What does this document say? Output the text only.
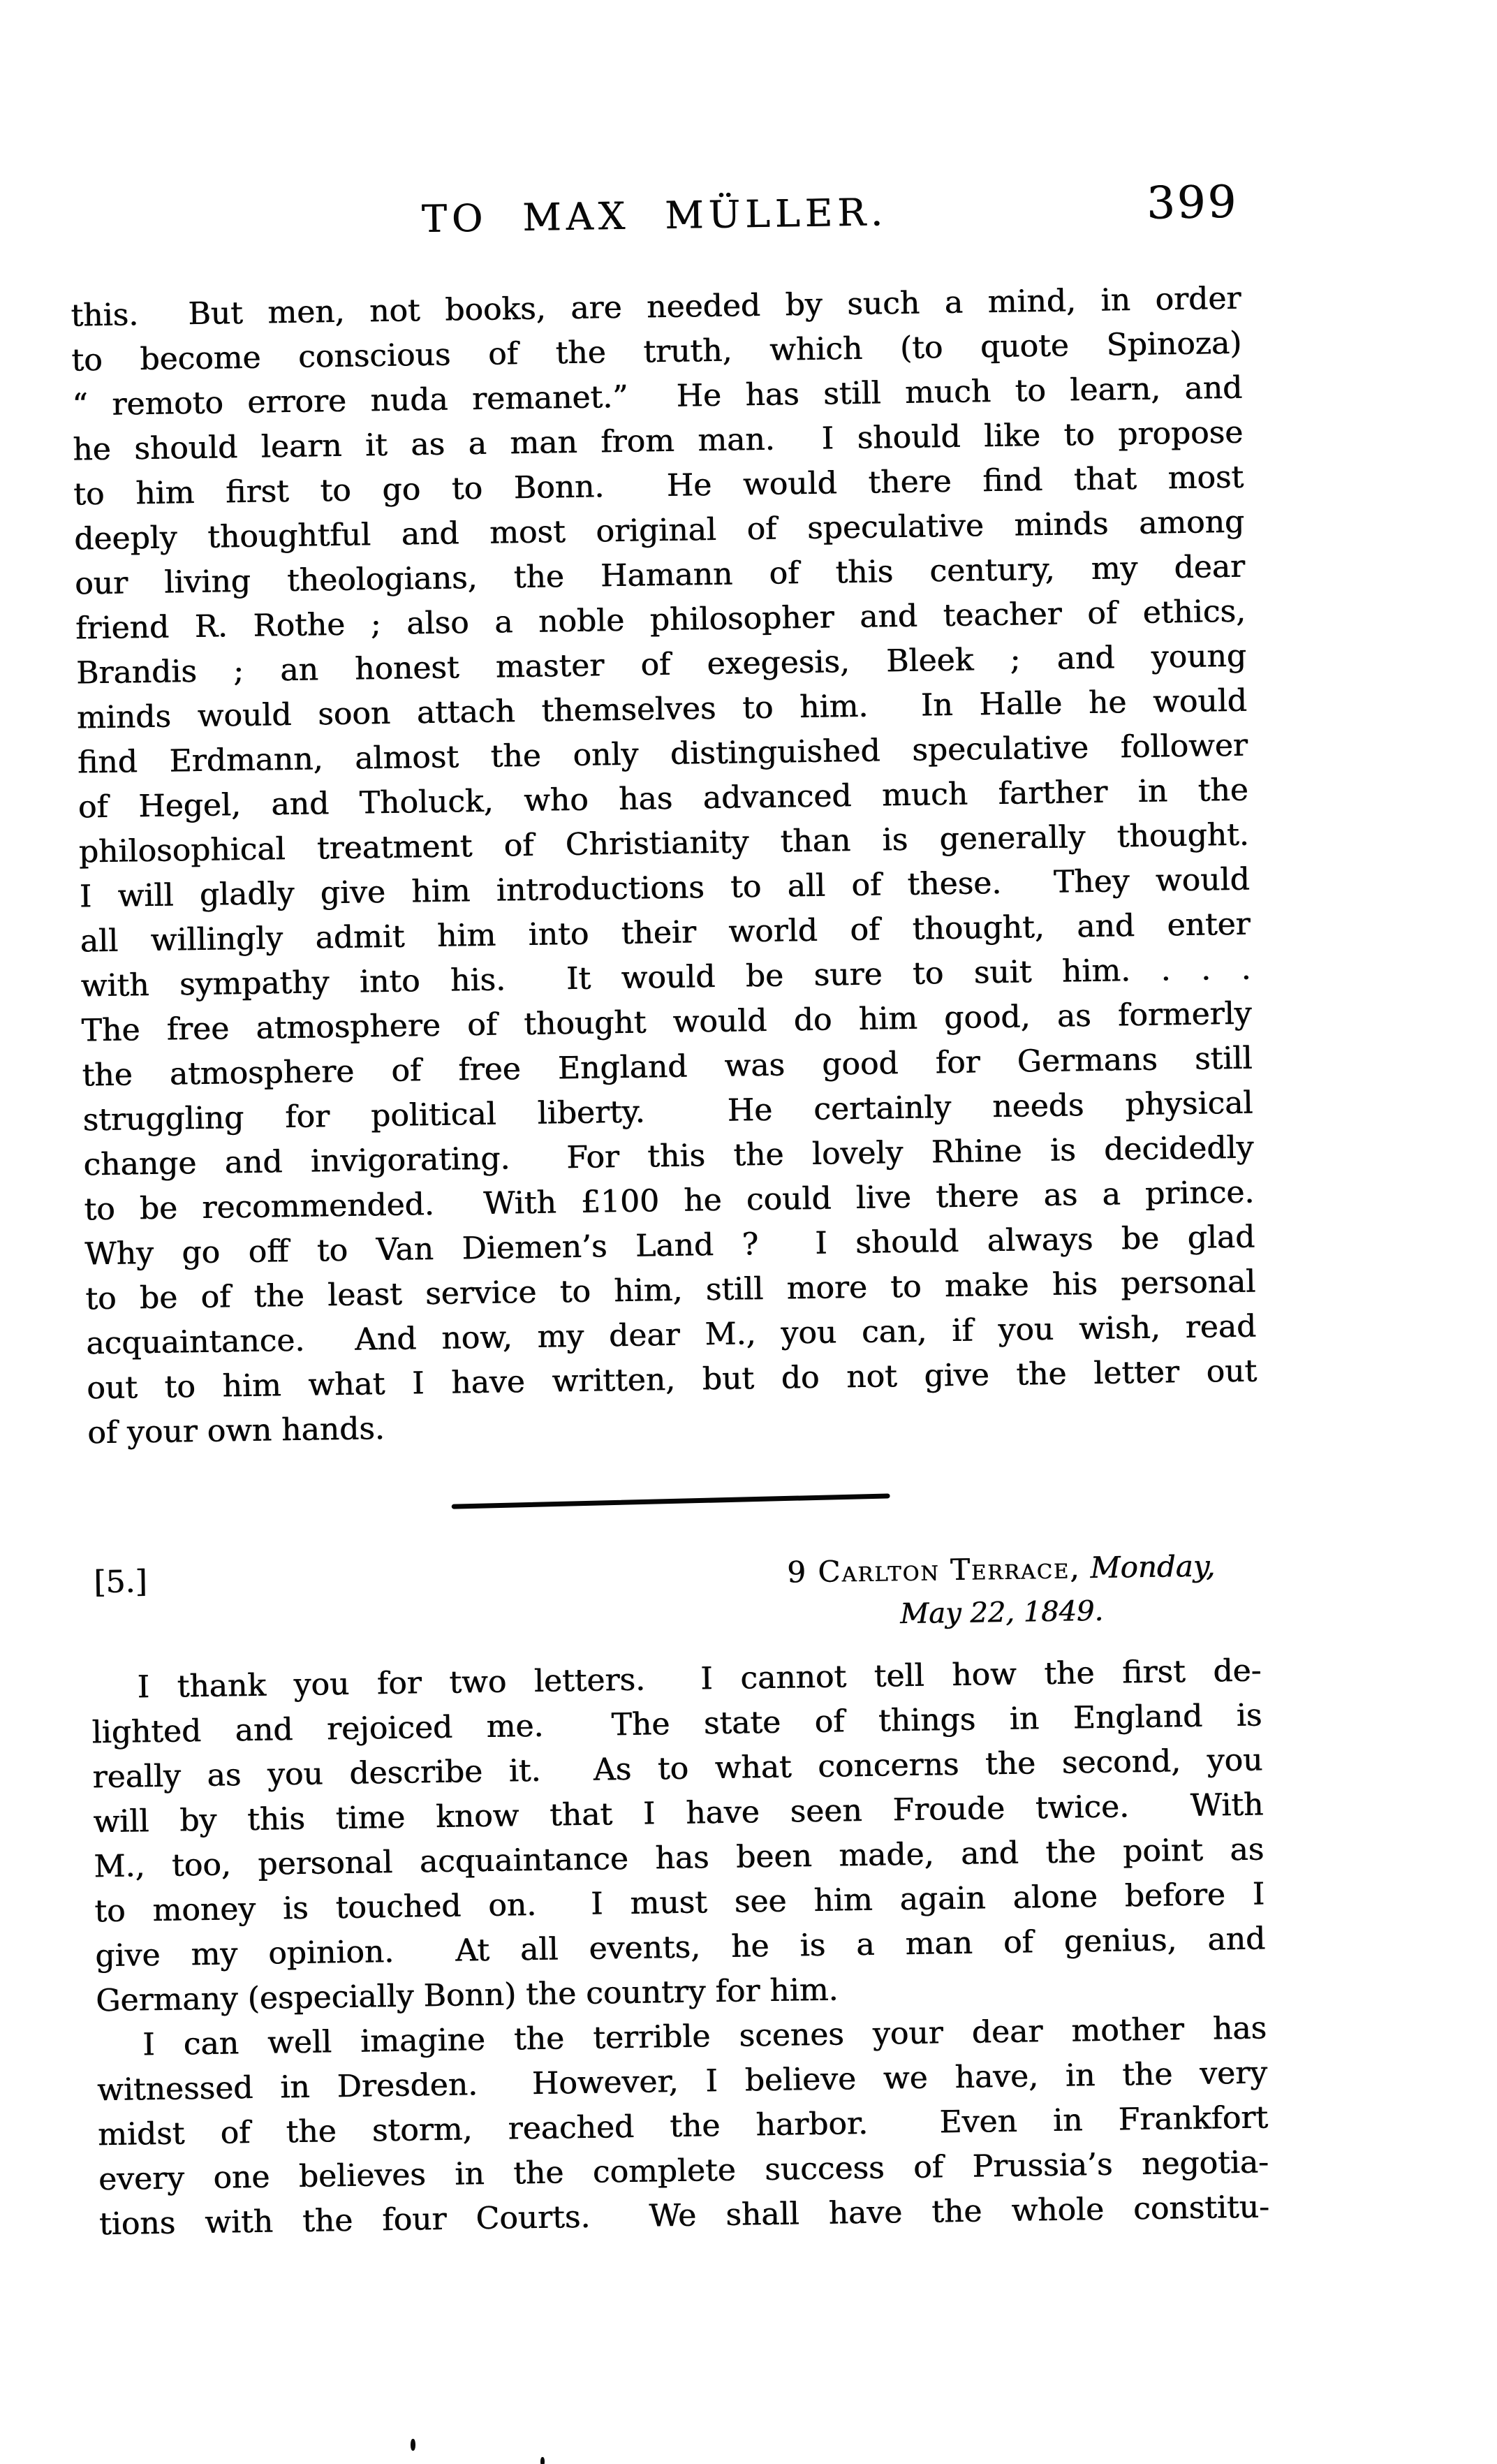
TO MAX MÜLLER.	399
this.  But men, not books, are needed by such a mind, in order
to become conscious of the truth, which (to quote Spinoza)
“ remoto errore nuda remanet.”  He has still much to learn, and
he should learn it as a man from man.  I should like to propose
to him first to go to Bonn.  He would there find that most
deeply thoughtful and most original of speculative minds among
our living theologians, the Hamann of this century, my dear
friend R. Rothe ; also a noble philosopher and teacher of ethics,
Brandis ; an honest master of exegesis, Bleek ; and young
minds would soon attach themselves to him.  In Halle he would
find Erdmann, almost the only distinguished speculative follower
of Hegel, and Tholuck, who has advanced much farther in the
philosophical treatment of Christianity than is generally thought.
I will gladly give him introductions to all of these.  They would
all willingly admit him into their world of thought, and enter
with sympathy into his.  It would be sure to suit him. . . .
The free atmosphere of thought would do him good, as formerly
the atmosphere of free England was good for Germans still
struggling for political liberty.  He certainly needs physical
change and invigorating.  For this the lovely Rhine is decidedly
to be recommended.  With £100 he could live there as a prince.
Why go off to Van Diemen’s Land ?  I should always be glad
to be of the least service to him, still more to make his personal
acquaintance.  And now, my dear M., you can, if you wish, read
out to him what I have written, but do not give the letter out
of your own hands.
[5.]	9 Carlton Terrace, Monday,
May 22, 1849.
I thank you for two letters.  I cannot tell how the first de-
lighted and rejoiced me.  The state of things in England is
really as you describe it.  As to what concerns the second, you
will by this time know that I have seen Froude twice.  With
M., too, personal acquaintance has been made, and the point as
to money is touched on.  I must see him again alone before I
give my opinion.  At all events, he is a man of genius, and
Germany (especially Bonn) the country for him.
I can well imagine the terrible scenes your dear mother has
witnessed in Dresden.  However, I believe we have, in the very
midst of the storm, reached the harbor.  Even in Frankfort
every one believes in the complete success of Prussia’s negotia-
tions with the four Courts.  We shall have the whole constitu-
